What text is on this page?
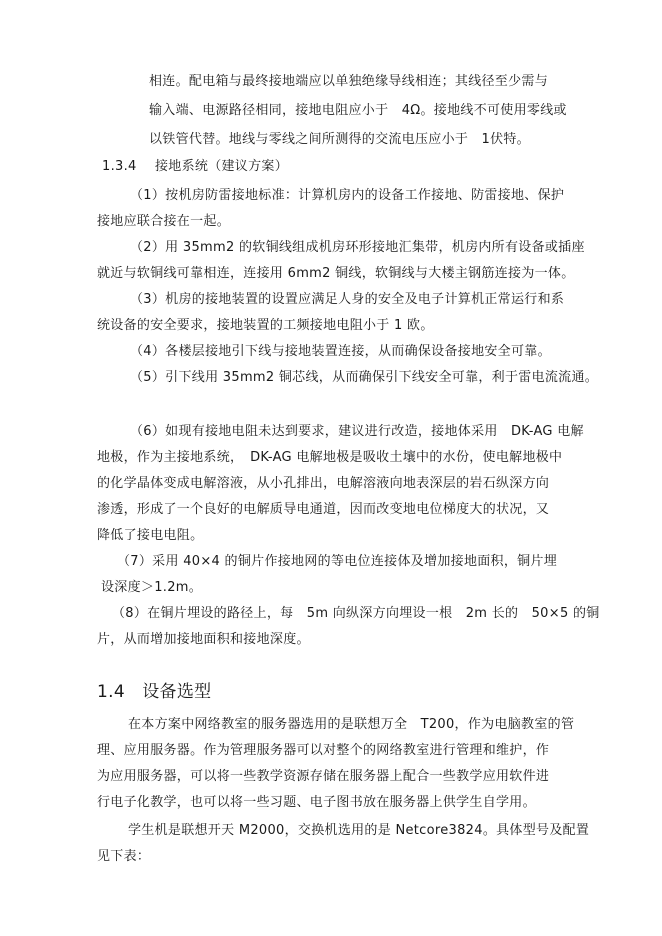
相连。配电箱与最终接地端应以单独绝缘导线相连；其线径至少需与
输入端、电源路径相同，接地电阻应小于　4Ω。接地线不可使用零线或
以铁管代替。地线与零线之间所测得的交流电压应小于　1伏特。
1.3.4 接地系统（建议方案）
（1）按机房防雷接地标准：计算机房内的设备工作接地、防雷接地、保护
接地应联合接在一起。
（2）用 35mm2 的软铜线组成机房环形接地汇集带，机房内所有设备或插座
就近与软铜线可靠相连，连接用 6mm2 铜线，软铜线与大楼主钢筋连接为一体。
（3）机房的接地装置的设置应满足人身的安全及电子计算机正常运行和系
统设备的安全要求，接地装置的工频接地电阻小于 1 欧。
（4）各楼层接地引下线与接地装置连接，从而确保设备接地安全可靠。
（5）引下线用 35mm2 铜芯线，从而确保引下线安全可靠，利于雷电流流通。
（6）如现有接地电阻未达到要求，建议进行改造，接地体采用　DK-AG 电解
地极，作为主接地系统，　DK-AG 电解地极是吸收土壤中的水份，使电解地极中
的化学晶体变成电解溶液，从小孔排出，电解溶液向地表深层的岩石纵深方向
渗透，形成了一个良好的电解质导电通道，因而改变地电位梯度大的状况，又
降低了接电电阻。
（7）采用 40×4 的铜片作接地网的等电位连接体及增加接地面积，铜片埋
设深度＞1.2m。
（8）在铜片埋设的路径上，每　5m 向纵深方向埋设一根　2m 长的　50×5 的铜
片，从而增加接地面积和接地深度。
1.4　设备选型
在本方案中网络教室的服务器选用的是联想万全　T200，作为电脑教室的管
理、应用服务器。作为管理服务器可以对整个的网络教室进行管理和维护，作
为应用服务器，可以将一些教学资源存储在服务器上配合一些教学应用软件进
行电子化教学，也可以将一些习题、电子图书放在服务器上供学生自学用。
学生机是联想开天 M2000，交换机选用的是 Netcore3824。具体型号及配置
见下表：
